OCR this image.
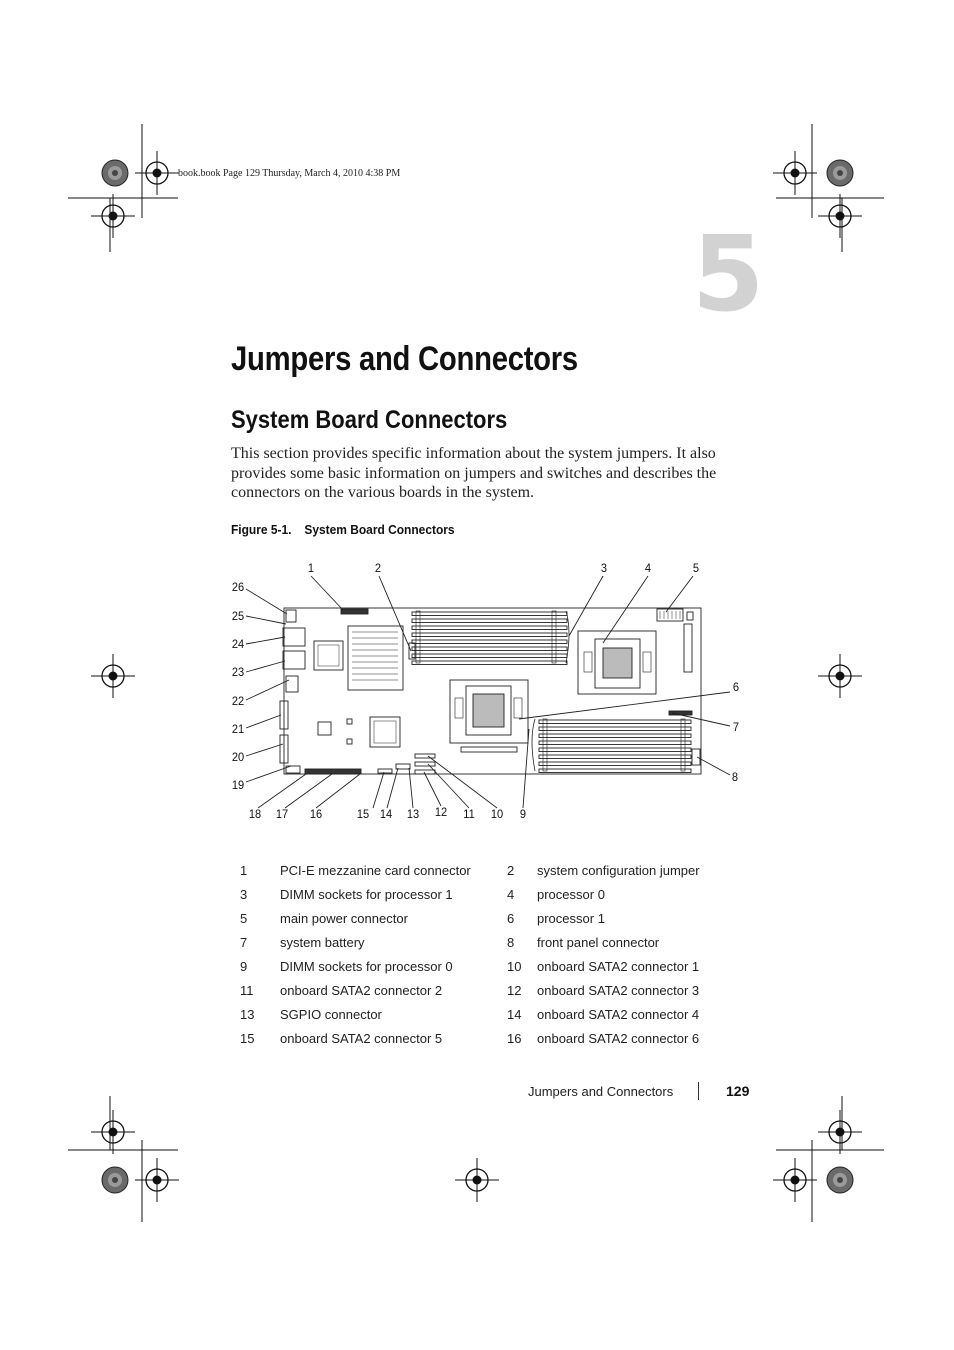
book.book Page 129 Thursday, March 4, 2010 4:38 PM
5
Jumpers and Connectors
System Board Connectors
This section provides specific information about the system jumpers. It also provides some basic information on jumpers and switches and describes the connectors on the various boards in the system.
Figure 5-1. System Board Connectors
1	2	3	4	5
6
7
8
9
10
11
12
13
14
15
16
17
18
19
20
21
22
23
24
25
26
1	PCI-E mezzanine card connector	2	system configuration jumper
3	DIMM sockets for processor 1	4	processor 0
5	main power connector	6	processor 1
7	system battery	8	front panel connector
9	DIMM sockets for processor 0	10	onboard SATA2 connector 1
11	onboard SATA2 connector 2	12	onboard SATA2 connector 3
13	SGPIO connector	14	onboard SATA2 connector 4
15	onboard SATA2 connector 5	16	onboard SATA2 connector 6
Jumpers and Connectors	129
